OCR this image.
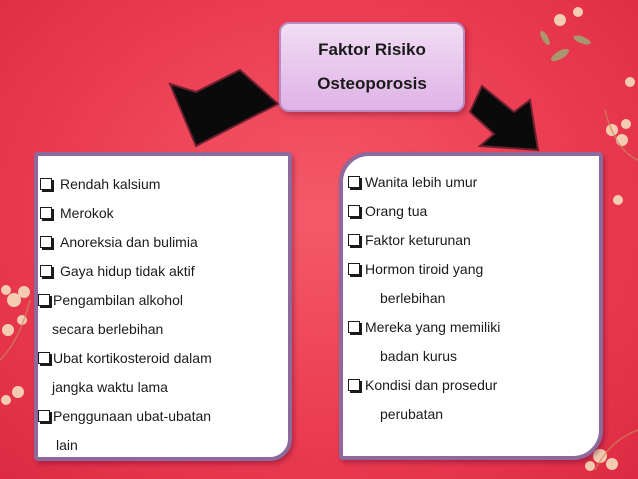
Faktor Risiko
Osteoporosis
Rendah kalsium
Merokok
Anoreksia dan bulimia
Gaya hidup tidak aktif
Pengambilan alkohol
secara berlebihan
Ubat kortikosteroid dalam
jangka waktu lama
Penggunaan ubat-ubatan
lain
Wanita lebih umur
Orang tua
Faktor keturunan
Hormon tiroid yang
berlebihan
Mereka yang memiliki
badan kurus
Kondisi dan prosedur
perubatan
